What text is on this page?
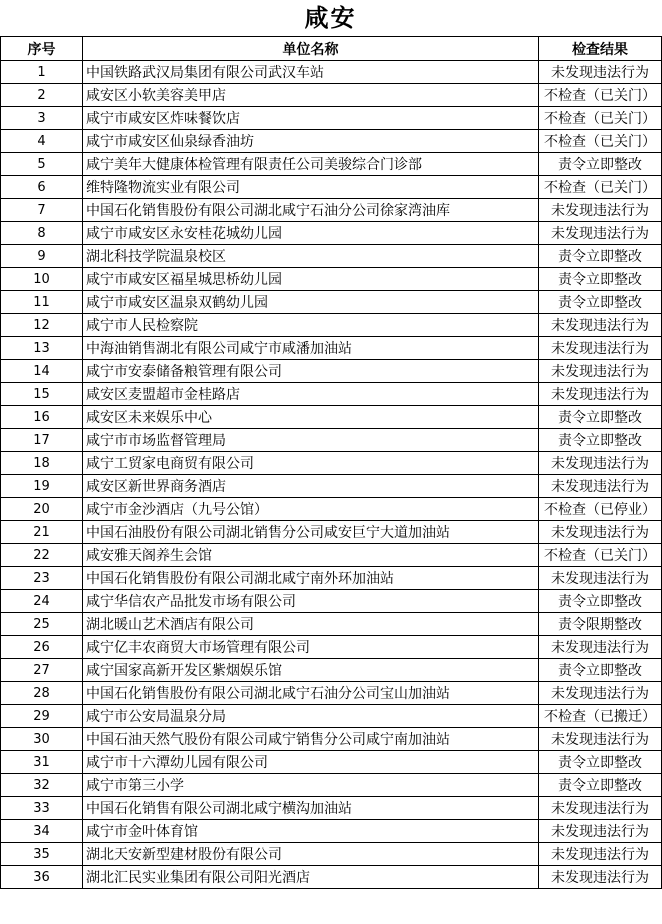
咸安
序号	单位名称	检查结果
1	中国铁路武汉局集团有限公司武汉车站	未发现违法行为
2	咸安区小软美容美甲店	不检查（已关门）
3	咸宁市咸安区炸味餐饮店	不检查（已关门）
4	咸宁市咸安区仙泉绿香油坊	不检查（已关门）
5	咸宁美年大健康体检管理有限责任公司美骏综合门诊部	责令立即整改
6	维特隆物流实业有限公司	不检查（已关门）
7	中国石化销售股份有限公司湖北咸宁石油分公司徐家湾油库	未发现违法行为
8	咸宁市咸安区永安桂花城幼儿园	未发现违法行为
9	湖北科技学院温泉校区	责令立即整改
10	咸宁市咸安区福星城思桥幼儿园	责令立即整改
11	咸宁市咸安区温泉双鹤幼儿园	责令立即整改
12	咸宁市人民检察院	未发现违法行为
13	中海油销售湖北有限公司咸宁市咸潘加油站	未发现违法行为
14	咸宁市安泰储备粮管理有限公司	未发现违法行为
15	咸安区麦盟超市金桂路店	未发现违法行为
16	咸安区未来娱乐中心	责令立即整改
17	咸宁市市场监督管理局	责令立即整改
18	咸宁工贸家电商贸有限公司	未发现违法行为
19	咸安区新世界商务酒店	未发现违法行为
20	咸宁市金沙酒店（九号公馆）	不检查（已停业）
21	中国石油股份有限公司湖北销售分公司咸安巨宁大道加油站	未发现违法行为
22	咸安雅天阁养生会馆	不检查（已关门）
23	中国石化销售股份有限公司湖北咸宁南外环加油站	未发现违法行为
24	咸宁华信农产品批发市场有限公司	责令立即整改
25	湖北暖山艺术酒店有限公司	责令限期整改
26	咸宁亿丰农商贸大市场管理有限公司	未发现违法行为
27	咸宁国家高新开发区紫烟娱乐馆	责令立即整改
28	中国石化销售股份有限公司湖北咸宁石油分公司宝山加油站	未发现违法行为
29	咸宁市公安局温泉分局	不检查（已搬迁）
30	中国石油天然气股份有限公司咸宁销售分公司咸宁南加油站	未发现违法行为
31	咸宁市十六潭幼儿园有限公司	责令立即整改
32	咸宁市第三小学	责令立即整改
33	中国石化销售有限公司湖北咸宁横沟加油站	未发现违法行为
34	咸宁市金叶体育馆	未发现违法行为
35	湖北天安新型建材股份有限公司	未发现违法行为
36	湖北汇民实业集团有限公司阳光酒店	未发现违法行为
